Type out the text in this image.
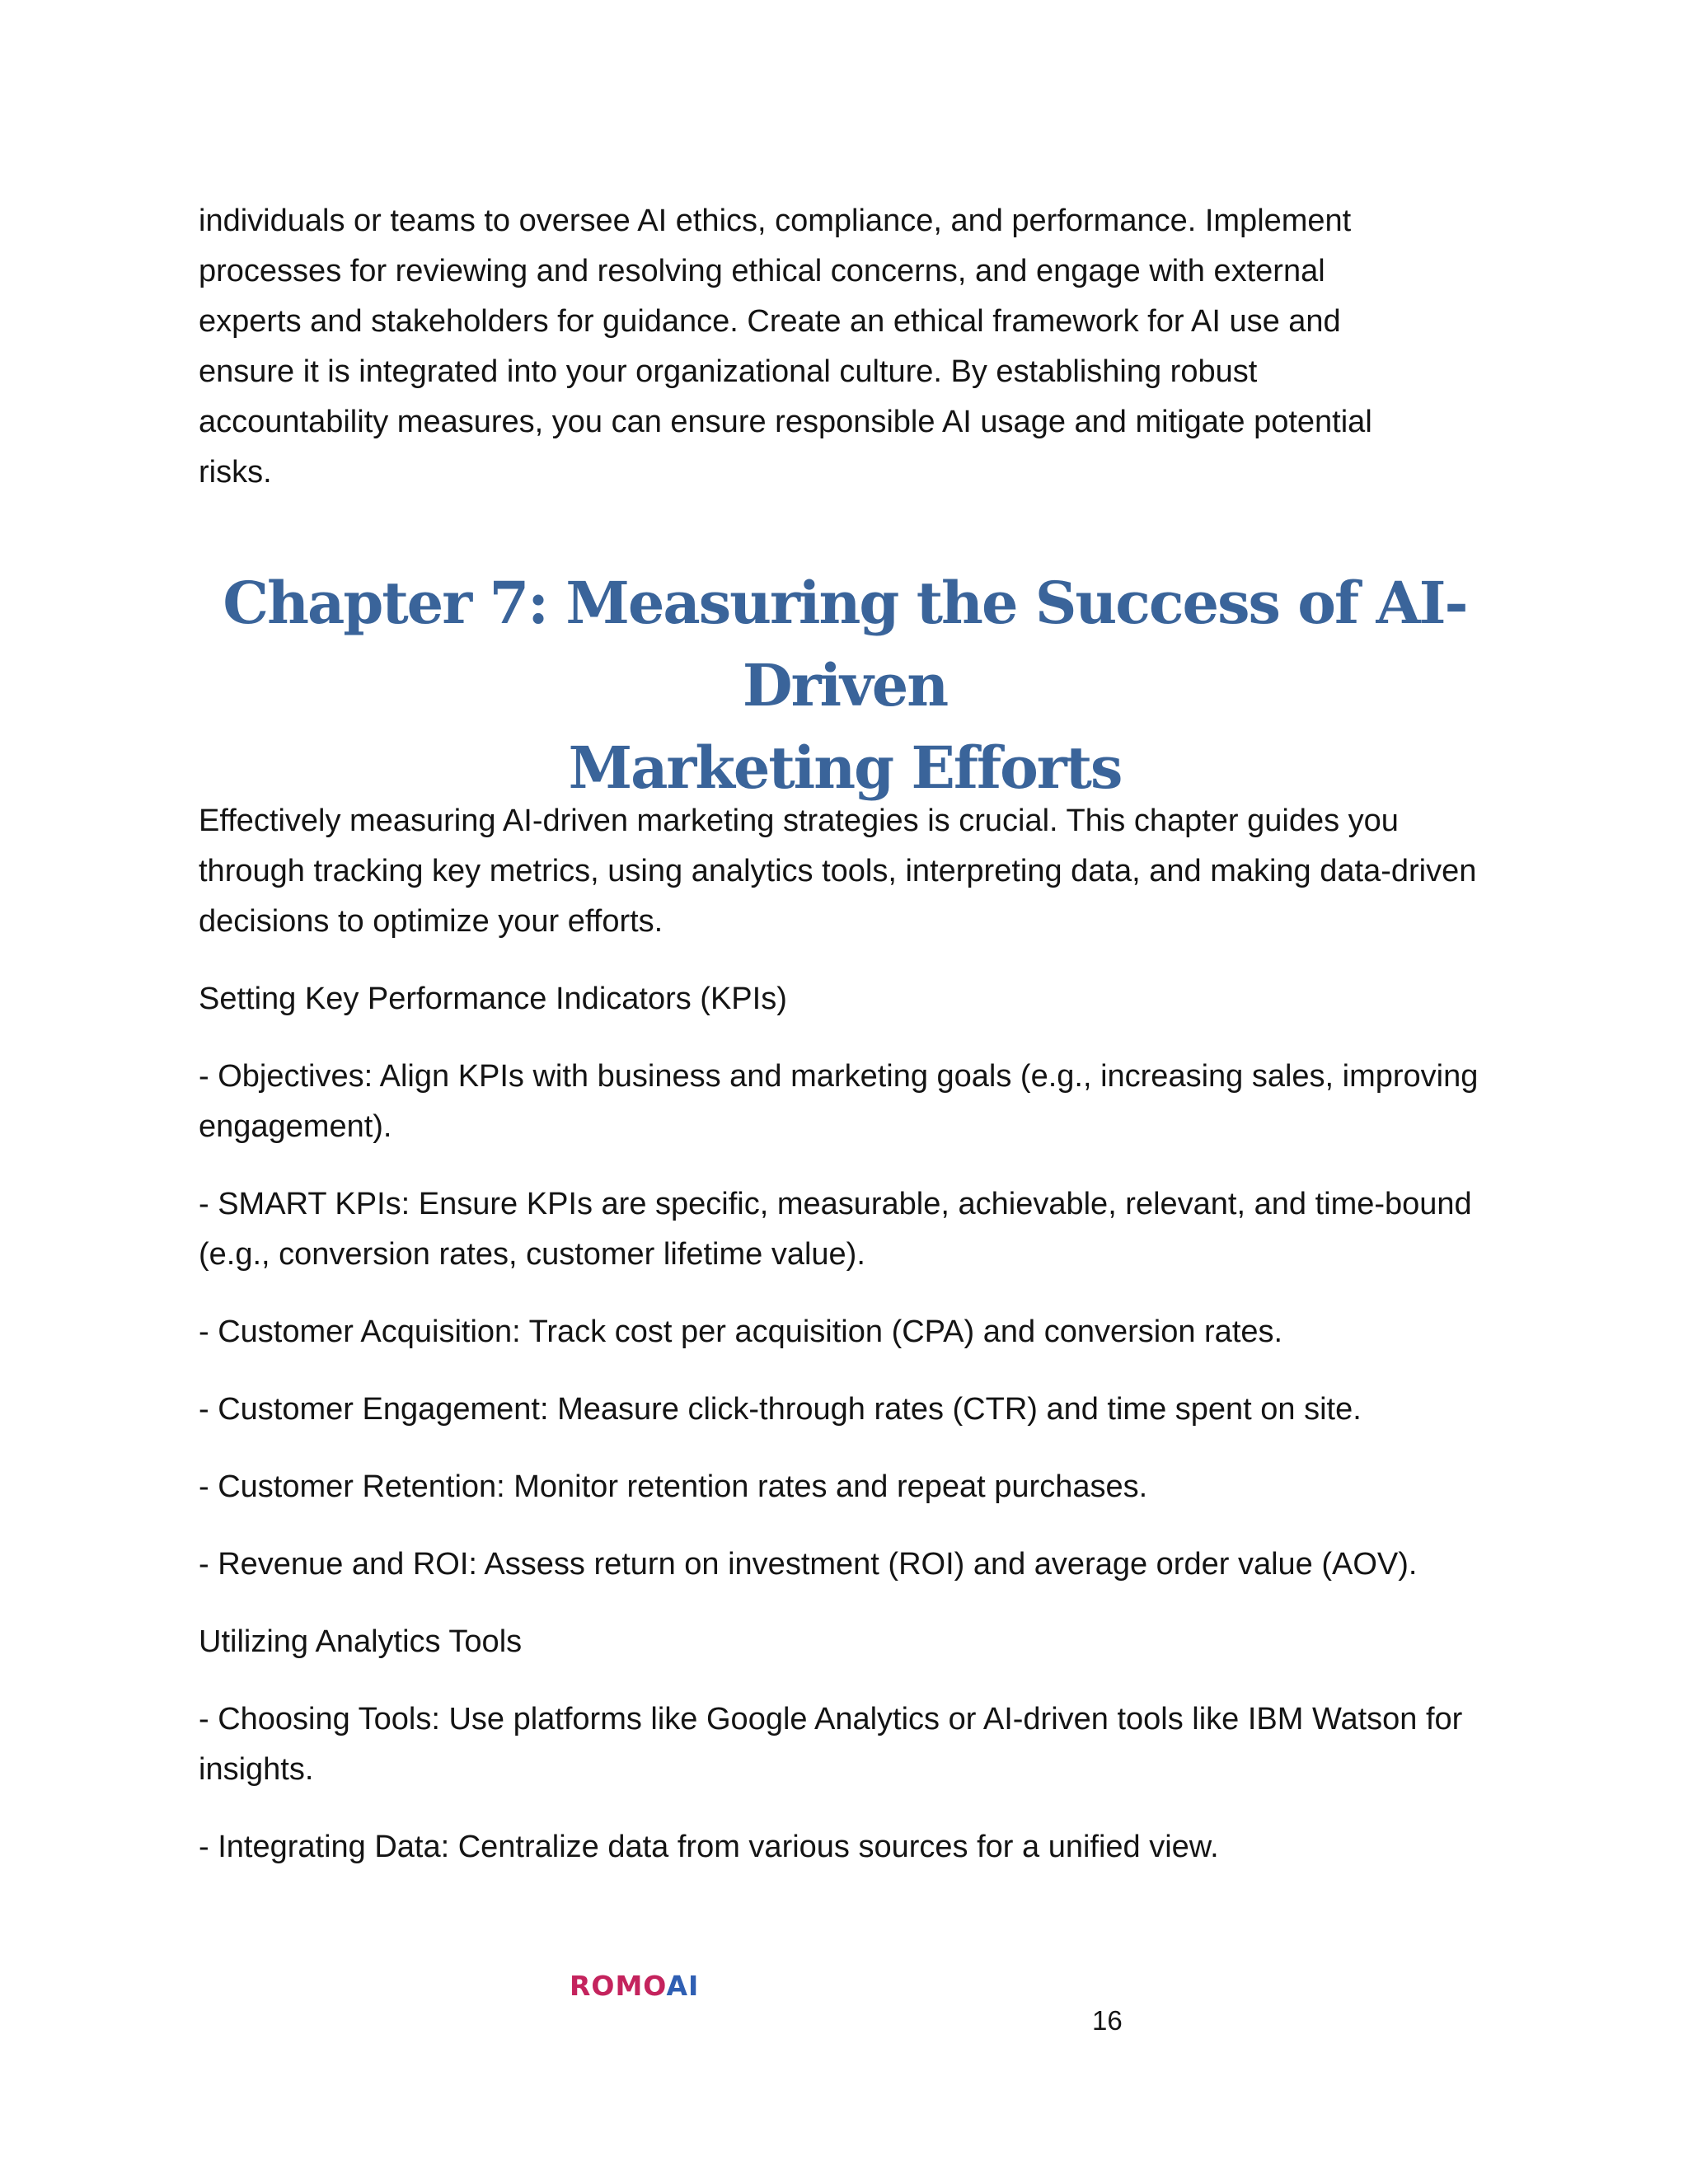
individuals or teams to oversee AI ethics, compliance, and performance. Implement

processes for reviewing and resolving ethical concerns, and engage with external

experts and stakeholders for guidance. Create an ethical framework for AI use and

ensure it is integrated into your organizational culture. By establishing robust

accountability measures, you can ensure responsible AI usage and mitigate potential

risks.

Chapter 7: Measuring the Success of AI-Driven
Marketing Efforts

Effectively measuring AI-driven marketing strategies is crucial. This chapter guides you through tracking key metrics, using analytics tools, interpreting data, and making data-driven decisions to optimize your efforts.

Setting Key Performance Indicators (KPIs)

- Objectives: Align KPIs with business and marketing goals (e.g., increasing sales, improving engagement).

- SMART KPIs: Ensure KPIs are specific, measurable, achievable, relevant, and time-bound (e.g., conversion rates, customer lifetime value).

- Customer Acquisition: Track cost per acquisition (CPA) and conversion rates.

- Customer Engagement: Measure click-through rates (CTR) and time spent on site.

- Customer Retention: Monitor retention rates and repeat purchases.

- Revenue and ROI: Assess return on investment (ROI) and average order value (AOV).

Utilizing Analytics Tools

- Choosing Tools: Use platforms like Google Analytics or AI-driven tools like IBM Watson for insights.

- Integrating Data: Centralize data from various sources for a unified view.

ROMOAI
16
